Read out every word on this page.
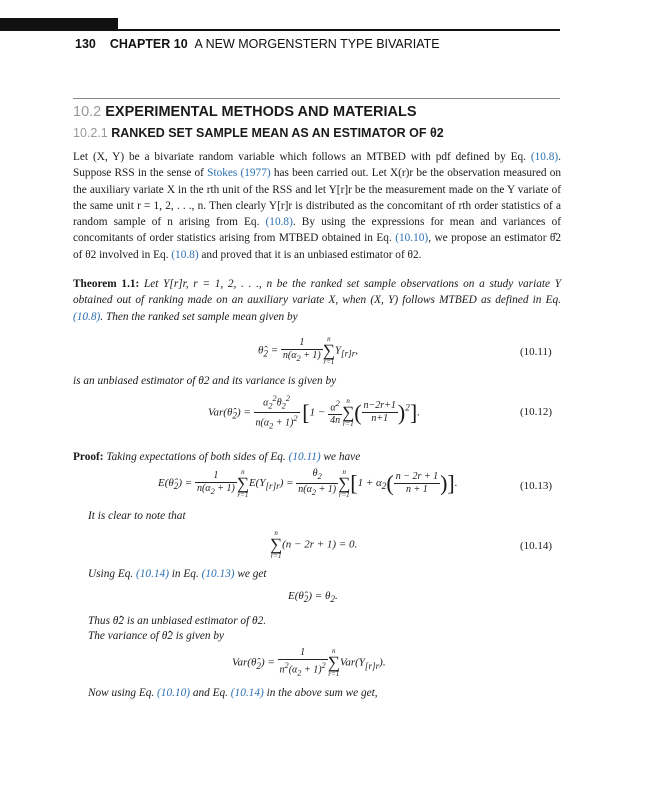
130 CHAPTER 10 A NEW MORGENSTERN TYPE BIVARIATE
10.2 EXPERIMENTAL METHODS AND MATERIALS
10.2.1 RANKED SET SAMPLE MEAN AS AN ESTIMATOR OF θ2
Let (X, Y) be a bivariate random variable which follows an MTBED with pdf defined by Eq. (10.8). Suppose RSS in the sense of Stokes (1977) has been carried out. Let X(r)r be the observation measured on the auxiliary variate X in the rth unit of the RSS and let Y[r]r be the measurement made on the Y variate of the same unit r = 1, 2, . . ., n. Then clearly Y[r]r is distributed as the concomitant of rth order statistics of a random sample of n arising from Eq. (10.8). By using the expressions for mean and variances of concomitants of order statistics arising from MTBED obtained in Eq. (10.10), we propose an estimator θ̂2 of θ2 involved in Eq. (10.8) and proved that it is an unbiased estimator of θ2.
Theorem 1.1: Let Y[r]r, r = 1, 2, . . ., n be the ranked set sample observations on a study variate Y obtained out of ranking made on an auxiliary variate X, when (X, Y) follows MTBED as defined in Eq. (10.8). Then the ranked set sample mean given by
$\thetâ_2 = \frac{1}{n(\alpha_2 + 1)}$ n
∑
r=1
$Y_{[r]r}$,	(10.11)
is an unbiased estimator of θ2 and its variance is given by
$Var(\thetâ_2) = \frac{\alpha_2^2\theta_2^2}{n(\alpha_2 + 1)^2} [1 - \frac{\alpha^2}{4n}$ n
∑
r=1 ( $\frac{n-2r+1}{n+1} )^2$].	(10.12)
Proof: Taking expectations of both sides of Eq. (10.11) we have
$E(\thetâ_2) = \frac{1}{n(\alpha_2 + 1)}$ n
∑
r=1
$E(Y_{[r]r}) = \frac{\theta_2}{n(\alpha_2 + 1)}$ n
∑
r=1 [$1 + \alpha_2( \frac{n - 2r + 1}{n + 1}$ )].	(10.13)
It is clear to note that
n
∑
r=1
(n − 2r + 1) = 0.	(10.14)
Using Eq. (10.14) in Eq. (10.13) we get
$E(\thetâ_2) = \theta_2$.
Thus θ̂2 is an unbiased estimator of θ2.
The variance of θ̂2 is given by
$Var(\thetâ_2) = \frac{1}{n^2(\alpha_2 + 1)^2}$ n
∑
r=1
$Var(Y_{[r]r})$.
Now using Eq. (10.10) and Eq. (10.14) in the above sum we get,
